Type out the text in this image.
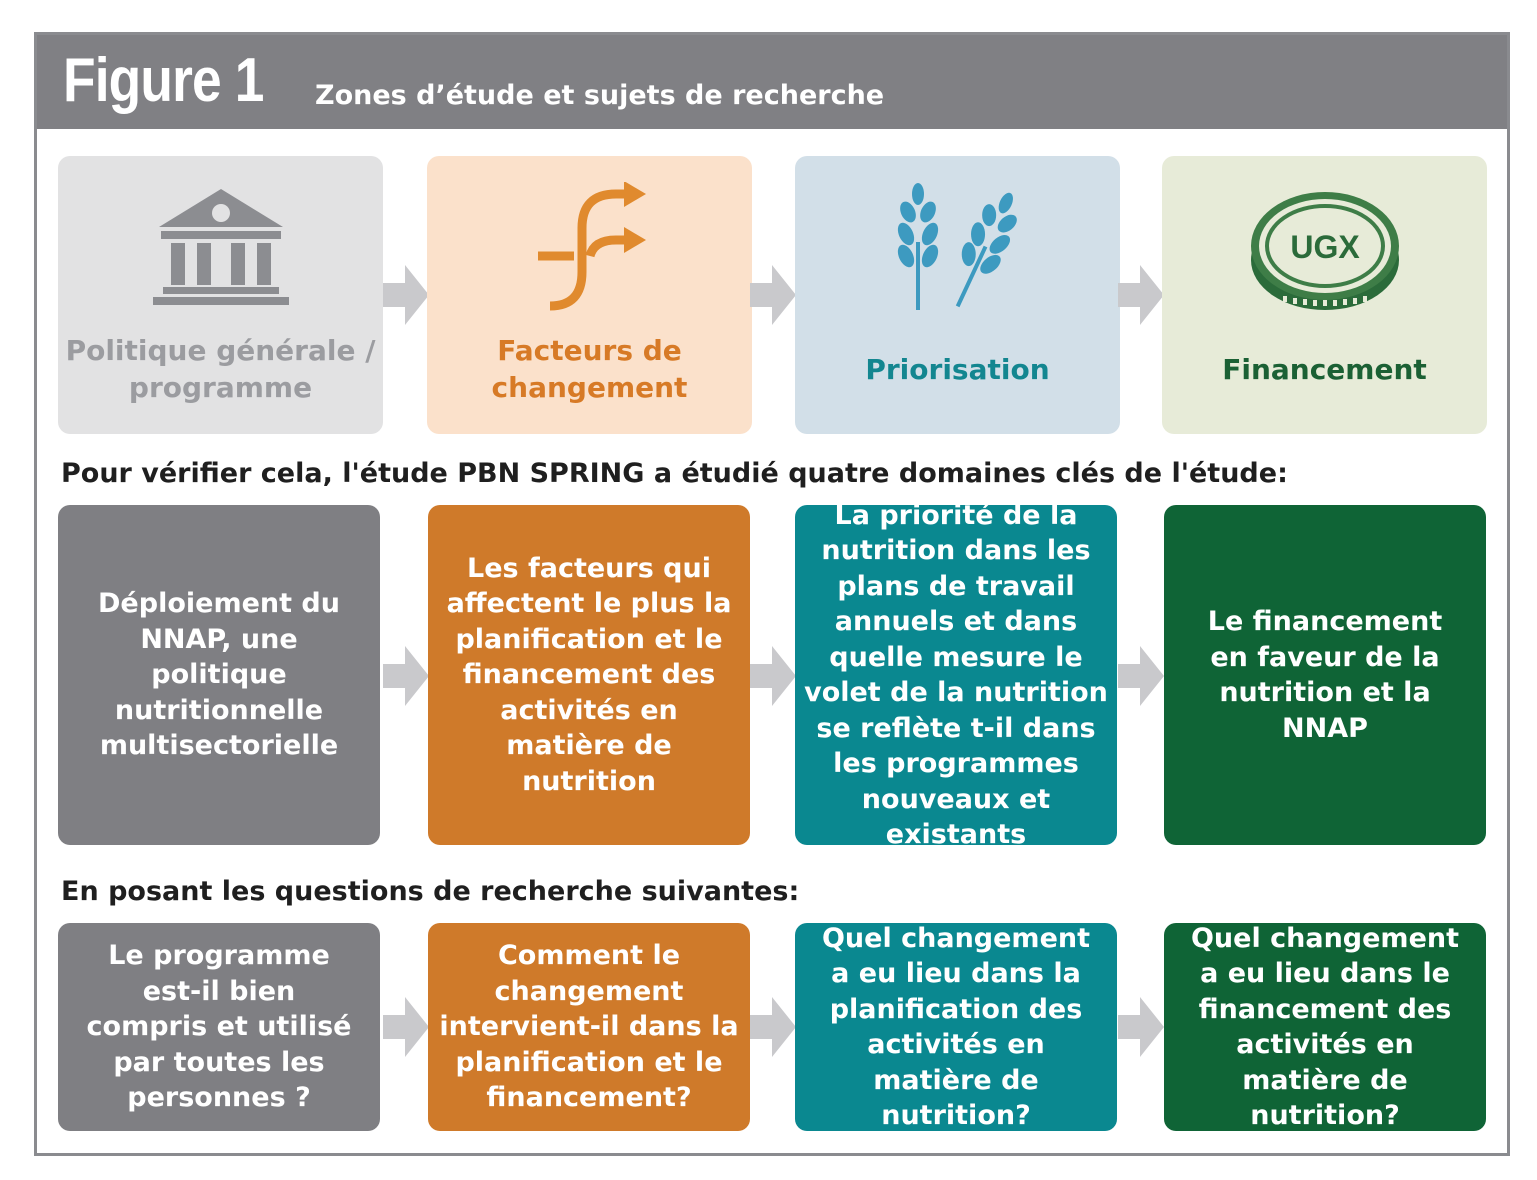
Figure 1 Zones d’étude et sujets de recherche
Politique générale / programme
Facteurs de changement
Priorisation
UGX
Financement
Pour vérifier cela, l'étude PBN SPRING a étudié quatre domaines clés de l'étude:
Déploiement du NNAP, une politique nutritionnelle multisectorielle
Les facteurs qui affectent le plus la planification et le financement des activités en matière de nutrition
La priorité de la nutrition dans les plans de travail annuels et dans quelle mesure le volet de la nutrition se reflète t-il dans les programmes nouveaux et existants
Le financement en faveur de la nutrition et la NNAP
En posant les questions de recherche suivantes:
Le programme est-il bien compris et utilisé par toutes les personnes ?
Comment le changement intervient-il dans la planification et le financement?
Quel changement a eu lieu dans la planification des activités en matière de nutrition?
Quel changement a eu lieu dans le financement des activités en matière de nutrition?
